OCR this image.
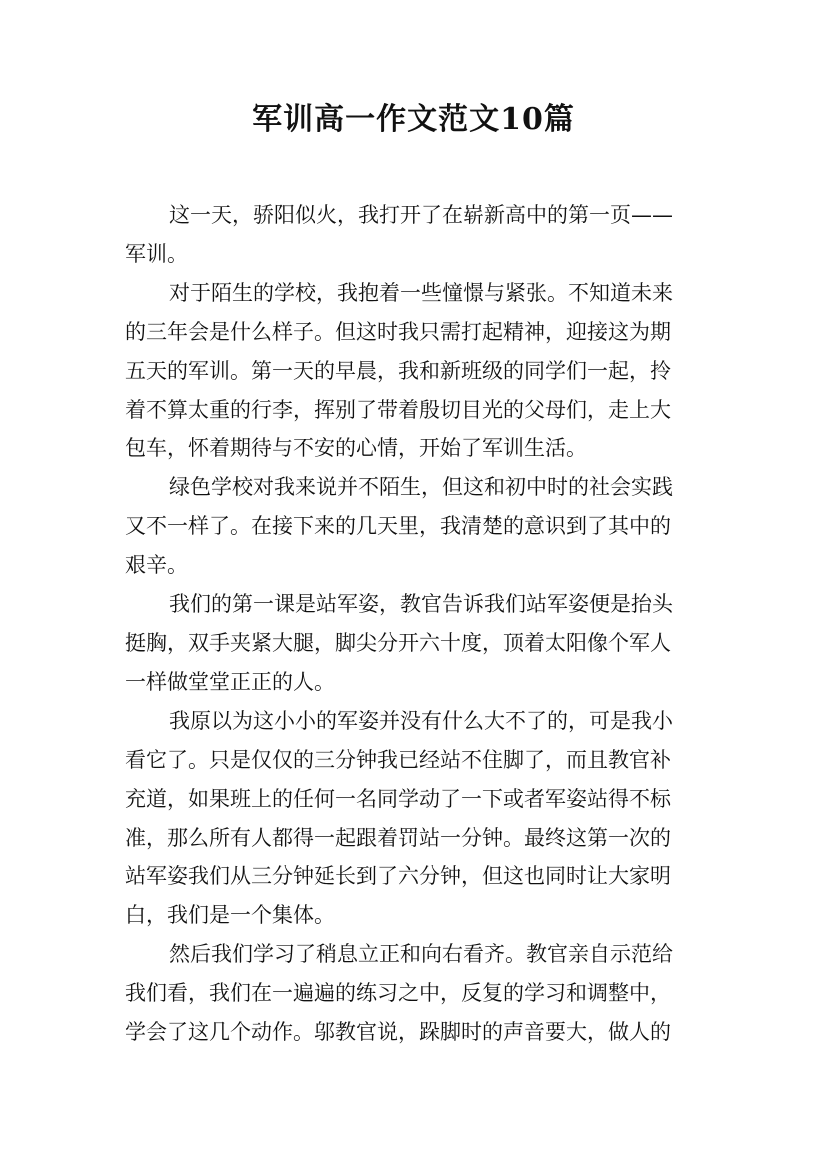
军训高一作文范文10篇
这一天，骄阳似火，我打开了在崭新高中的第一页——
军训。
对于陌生的学校，我抱着一些憧憬与紧张。不知道未来
的三年会是什么样子。但这时我只需打起精神，迎接这为期
五天的军训。第一天的早晨，我和新班级的同学们一起，拎
着不算太重的行李，挥别了带着殷切目光的父母们，走上大
包车，怀着期待与不安的心情，开始了军训生活。
绿色学校对我来说并不陌生，但这和初中时的社会实践
又不一样了。在接下来的几天里，我清楚的意识到了其中的
艰辛。
我们的第一课是站军姿，教官告诉我们站军姿便是抬头
挺胸，双手夹紧大腿，脚尖分开六十度，顶着太阳像个军人
一样做堂堂正正的人。
我原以为这小小的军姿并没有什么大不了的，可是我小
看它了。只是仅仅的三分钟我已经站不住脚了，而且教官补
充道，如果班上的任何一名同学动了一下或者军姿站得不标
准，那么所有人都得一起跟着罚站一分钟。最终这第一次的
站军姿我们从三分钟延长到了六分钟，但这也同时让大家明
白，我们是一个集体。
然后我们学习了稍息立正和向右看齐。教官亲自示范给
我们看，我们在一遍遍的练习之中，反复的学习和调整中，
学会了这几个动作。邬教官说，跺脚时的声音要大，做人的
